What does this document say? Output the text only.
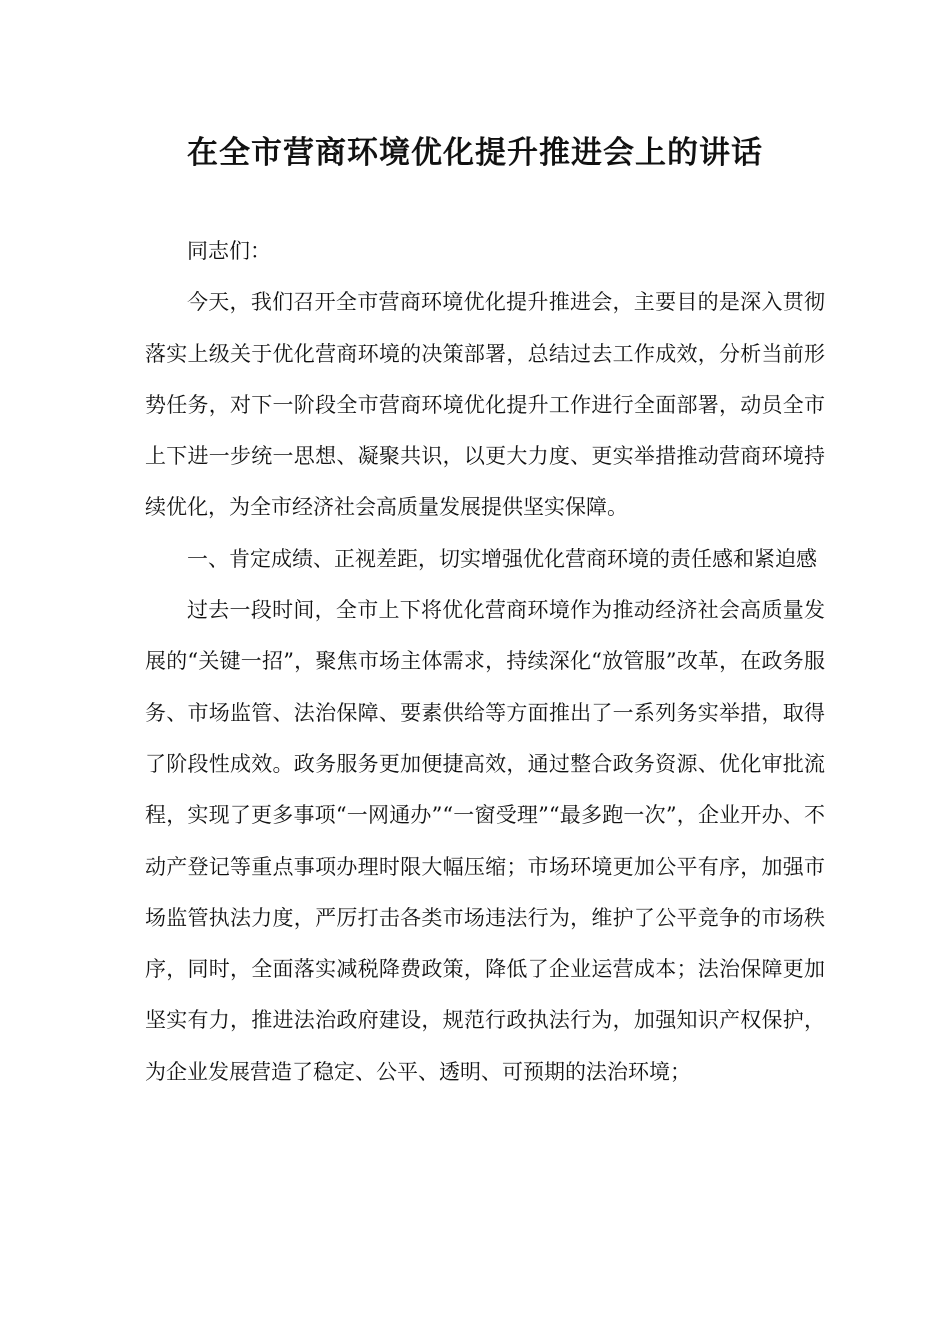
在全市营商环境优化提升推进会上的讲话

同志们：

今天，我们召开全市营商环境优化提升推进会，主要目的是深入贯彻落实上级关于优化营商环境的决策部署，总结过去工作成效，分析当前形势任务，对下一阶段全市营商环境优化提升工作进行全面部署，动员全市上下进一步统一思想、凝聚共识，以更大力度、更实举措推动营商环境持续优化，为全市经济社会高质量发展提供坚实保障。

一、肯定成绩、正视差距，切实增强优化营商环境的责任感和紧迫感

过去一段时间，全市上下将优化营商环境作为推动经济社会高质量发展的“关键一招”，聚焦市场主体需求，持续深化“放管服”改革，在政务服务、市场监管、法治保障、要素供给等方面推出了一系列务实举措，取得了阶段性成效。政务服务更加便捷高效，通过整合政务资源、优化审批流程，实现了更多事项“一网通办”“一窗受理”“最多跑一次”，企业开办、不动产登记等重点事项办理时限大幅压缩；市场环境更加公平有序，加强市场监管执法力度，严厉打击各类市场违法行为，维护了公平竞争的市场秩序，同时，全面落实减税降费政策，降低了企业运营成本；法治保障更加坚实有力，推进法治政府建设，规范行政执法行为，加强知识产权保护，为企业发展营造了稳定、公平、透明、可预期的法治环境；
